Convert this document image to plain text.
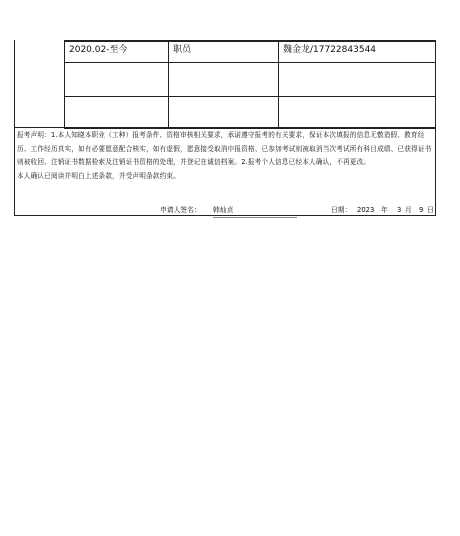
2020.02-至今	职员	魏金龙/17722843544

报考声明：1.本人知晓本职业（工种）报考条件、资格审核相关要求，承诺遵守报考的有关要求，保证本次填报的信息无敷造假、教育经历、工作经历真实，如有必要愿意配合核实，如有虚假，愿意接受取消申报资格、已参加考试则被取消当次考试所有科目成绩、已获得证书则被收回、注销证书数据检索及注销证书资格的处理，并登记在诚信档案。2.报考个人信息已经本人确认，不再更改。

本人确认已阅读并明白上述条款，并受声明条款约束。

申请人签名： 韩灿贞	日期： 2023 年 3 月 9 日
